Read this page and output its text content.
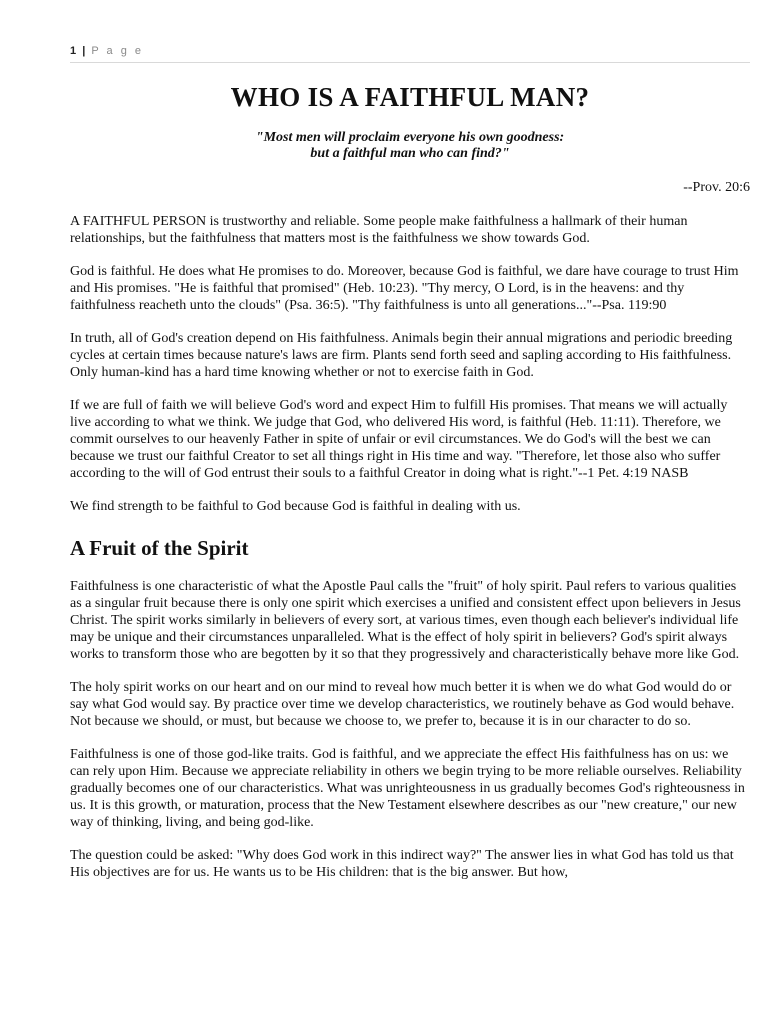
1 | P a g e
WHO IS A FAITHFUL MAN?
"Most men will proclaim everyone his own goodness:
but a faithful man who can find?"
--Prov. 20:6

A FAITHFUL PERSON is trustworthy and reliable. Some people make faithfulness a hallmark of their human relationships, but the faithfulness that matters most is the faithfulness we show towards God.

God is faithful. He does what He promises to do. Moreover, because God is faithful, we dare have courage to trust Him and His promises. "He is faithful that promised" (Heb. 10:23). "Thy mercy, O Lord, is in the heavens: and thy faithfulness reacheth unto the clouds" (Psa. 36:5). "Thy faithfulness is unto all generations..."--Psa. 119:90

In truth, all of God's creation depend on His faithfulness. Animals begin their annual migrations and periodic breeding cycles at certain times because nature's laws are firm. Plants send forth seed and sapling according to His faithfulness. Only human-kind has a hard time knowing whether or not to exercise faith in God.

If we are full of faith we will believe God's word and expect Him to fulfill His promises. That means we will actually live according to what we think. We judge that God, who delivered His word, is faithful (Heb. 11:11). Therefore, we commit ourselves to our heavenly Father in spite of unfair or evil circumstances. We do God's will the best we can because we trust our faithful Creator to set all things right in His time and way. "Therefore, let those also who suffer according to the will of God entrust their souls to a faithful Creator in doing what is right."--1 Pet. 4:19 NASB

We find strength to be faithful to God because God is faithful in dealing with us.

A Fruit of the Spirit

Faithfulness is one characteristic of what the Apostle Paul calls the "fruit" of holy spirit. Paul refers to various qualities as a singular fruit because there is only one spirit which exercises a unified and consistent effect upon believers in Jesus Christ. The spirit works similarly in believers of every sort, at various times, even though each believer's individual life may be unique and their circumstances unparalleled. What is the effect of holy spirit in believers? God's spirit always works to transform those who are begotten by it so that they progressively and characteristically behave more like God.

The holy spirit works on our heart and on our mind to reveal how much better it is when we do what God would do or say what God would say. By practice over time we develop characteristics, we routinely behave as God would behave. Not because we should, or must, but because we choose to, we prefer to, because it is in our character to do so.

Faithfulness is one of those god-like traits. God is faithful, and we appreciate the effect His faithfulness has on us: we can rely upon Him. Because we appreciate reliability in others we begin trying to be more reliable ourselves. Reliability gradually becomes one of our characteristics. What was unrighteousness in us gradually becomes God's righteousness in us. It is this growth, or maturation, process that the New Testament elsewhere describes as our "new creature," our new way of thinking, living, and being god-like.

The question could be asked: "Why does God work in this indirect way?" The answer lies in what God has told us that His objectives are for us. He wants us to be His children: that is the big answer. But how,
